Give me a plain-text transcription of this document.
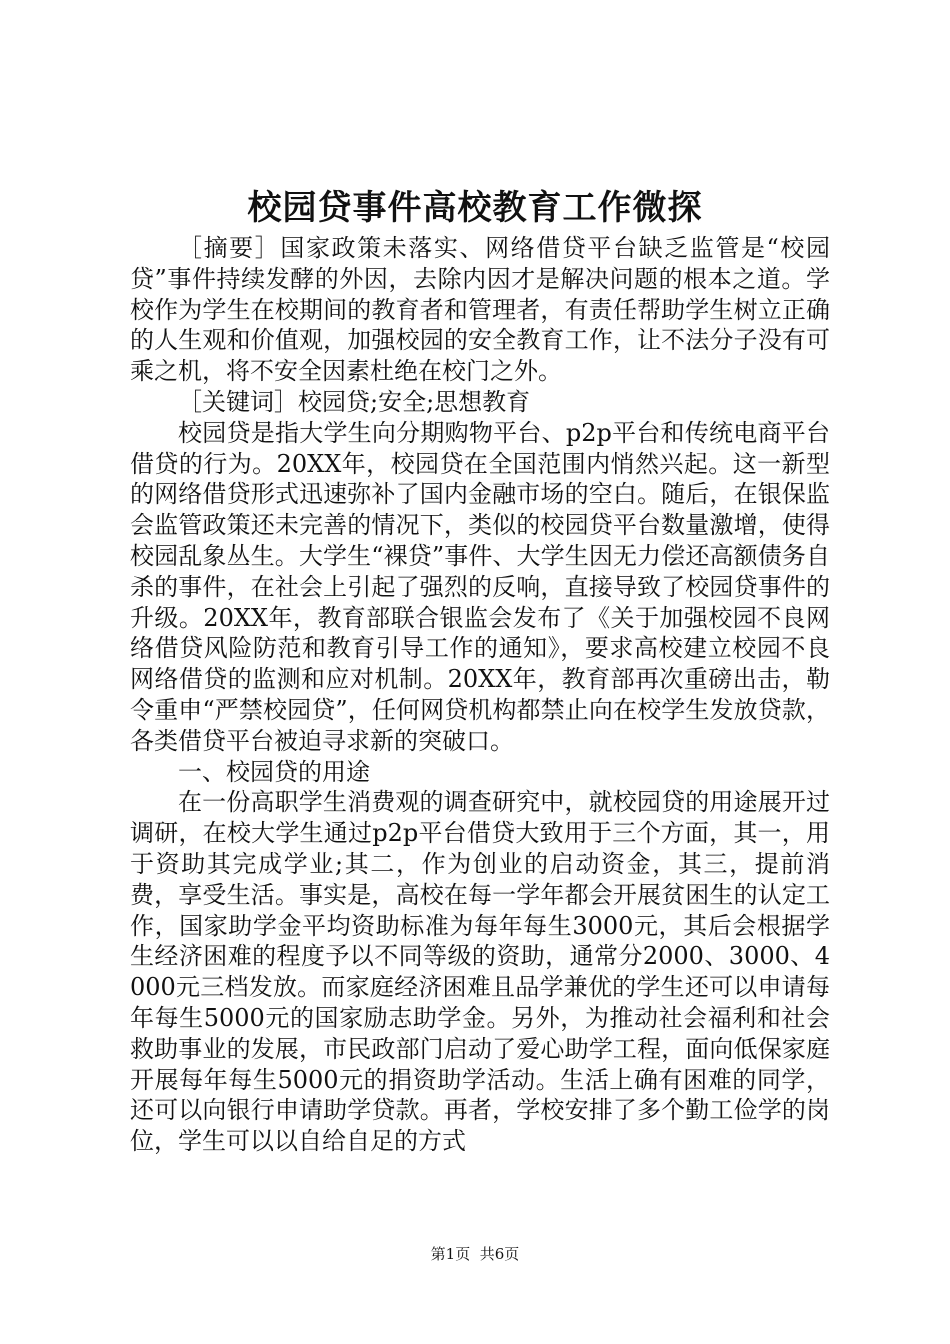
校园贷事件高校教育工作微探

［摘要］国家政策未落实、网络借贷平台缺乏监管是“校园贷”事件持续发酵的外因，去除内因才是解决问题的根本之道。学校作为学生在校期间的教育者和管理者，有责任帮助学生树立正确的人生观和价值观，加强校园的安全教育工作，让不法分子没有可乘之机，将不安全因素杜绝在校门之外。

［关键词］校园贷;安全;思想教育

校园贷是指大学生向分期购物平台、p2p平台和传统电商平台借贷的行为。20XX年，校园贷在全国范围内悄然兴起。这一新型的网络借贷形式迅速弥补了国内金融市场的空白。随后，在银保监会监管政策还未完善的情况下，类似的校园贷平台数量激增，使得校园乱象丛生。大学生“裸贷”事件、大学生因无力偿还高额债务自杀的事件，在社会上引起了强烈的反响，直接导致了校园贷事件的升级。20XX年，教育部联合银监会发布了《关于加强校园不良网络借贷风险防范和教育引导工作的通知》，要求高校建立校园不良网络借贷的监测和应对机制。20XX年，教育部再次重磅出击，勒令重申“严禁校园贷”，任何网贷机构都禁止向在校学生发放贷款，各类借贷平台被迫寻求新的突破口。

一、校园贷的用途

在一份高职学生消费观的调查研究中，就校园贷的用途展开过调研，在校大学生通过p2p平台借贷大致用于三个方面，其一，用于资助其完成学业;其二，作为创业的启动资金，其三，提前消费，享受生活。事实是，高校在每一学年都会开展贫困生的认定工作，国家助学金平均资助标准为每年每生3000元，其后会根据学生经济困难的程度予以不同等级的资助，通常分2000、3000、4000元三档发放。而家庭经济困难且品学兼优的学生还可以申请每年每生5000元的国家励志助学金。另外，为推动社会福利和社会救助事业的发展，市民政部门启动了爱心助学工程，面向低保家庭开展每年每生5000元的捐资助学活动。生活上确有困难的同学，还可以向银行申请助学贷款。再者，学校安排了多个勤工俭学的岗位，学生可以以自给自足的方式

第1页 共6页
